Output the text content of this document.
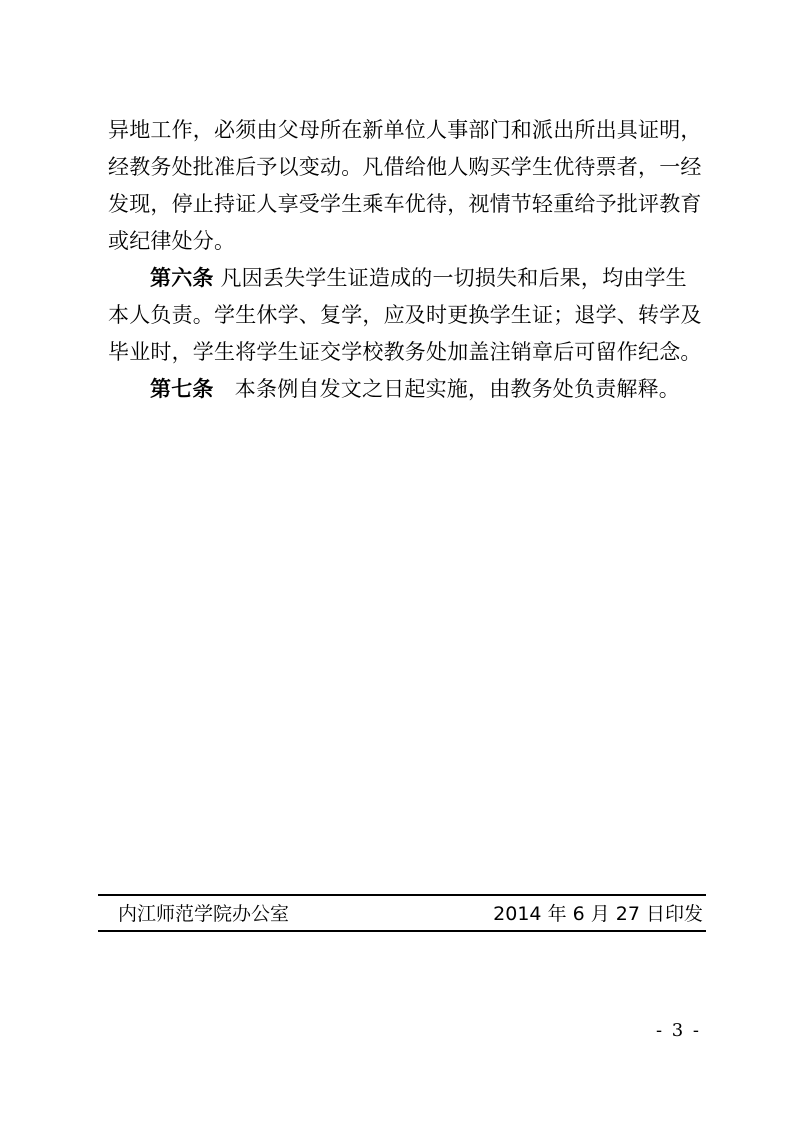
异地工作，必须由父母所在新单位人事部门和派出所出具证明，
经教务处批准后予以变动。凡借给他人购买学生优待票者，一经
发现，停止持证人享受学生乘车优待，视情节轻重给予批评教育
或纪律处分。
第六条 凡因丢失学生证造成的一切损失和后果，均由学生
本人负责。学生休学、复学，应及时更换学生证；退学、转学及
毕业时，学生将学生证交学校教务处加盖注销章后可留作纪念。
第七条　本条例自发文之日起实施，由教务处负责解释。
内江师范学院办公室	2014 年 6 月 27 日印发
- 3 -
